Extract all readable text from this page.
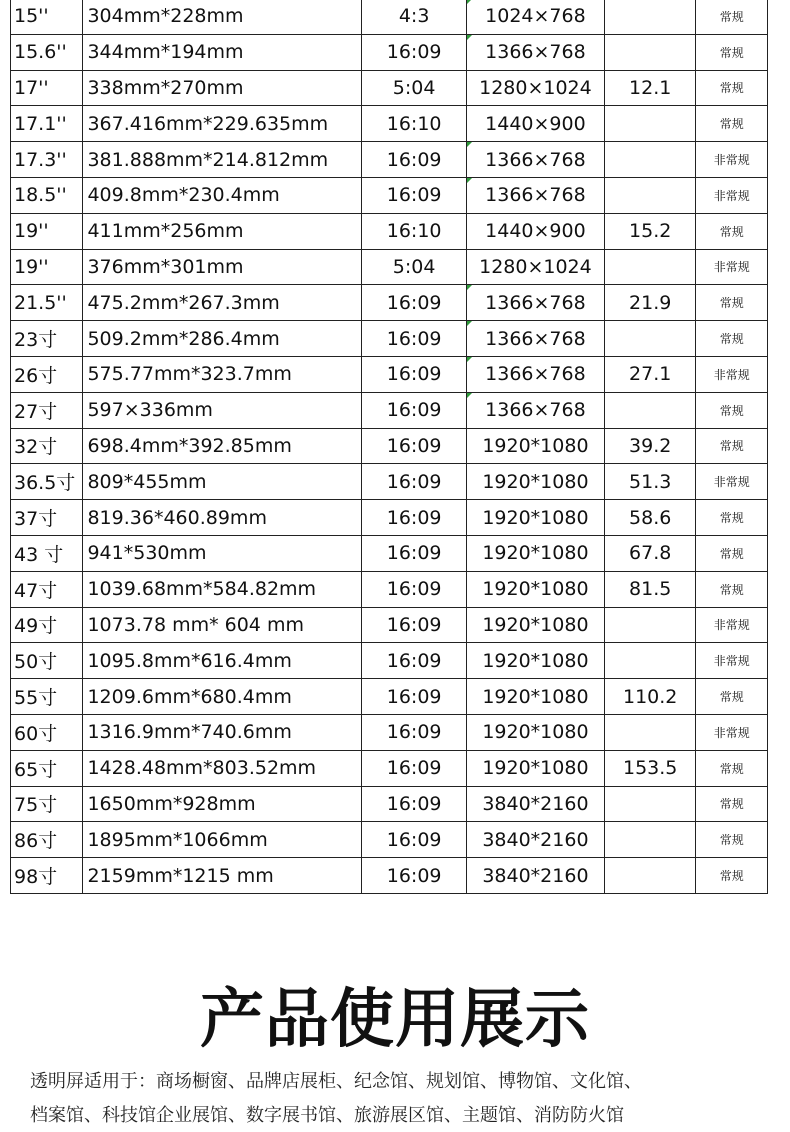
15''	304mm*228mm	4:3	1024×768		常规
15.6''	344mm*194mm	16:09	1366×768		常规
17''	338mm*270mm	5:04	1280×1024	12.1	常规
17.1''	367.416mm*229.635mm	16:10	1440×900		常规
17.3''	381.888mm*214.812mm	16:09	1366×768		非常规
18.5''	409.8mm*230.4mm	16:09	1366×768		非常规
19''	411mm*256mm	16:10	1440×900	15.2	常规
19''	376mm*301mm	5:04	1280×1024		非常规
21.5''	475.2mm*267.3mm	16:09	1366×768	21.9	常规
23寸	509.2mm*286.4mm	16:09	1366×768		常规
26寸	575.77mm*323.7mm	16:09	1366×768	27.1	非常规
27寸	597×336mm	16:09	1366×768		常规
32寸	698.4mm*392.85mm	16:09	1920*1080	39.2	常规
36.5寸	809*455mm	16:09	1920*1080	51.3	非常规
37寸	819.36*460.89mm	16:09	1920*1080	58.6	常规
43 寸	941*530mm	16:09	1920*1080	67.8	常规
47寸	1039.68mm*584.82mm	16:09	1920*1080	81.5	常规
49寸	1073.78 mm* 604 mm	16:09	1920*1080		非常规
50寸	1095.8mm*616.4mm	16:09	1920*1080		非常规
55寸	1209.6mm*680.4mm	16:09	1920*1080	110.2	常规
60寸	1316.9mm*740.6mm	16:09	1920*1080		非常规
65寸	1428.48mm*803.52mm	16:09	1920*1080	153.5	常规
75寸	1650mm*928mm	16:09	3840*2160		常规
86寸	1895mm*1066mm	16:09	3840*2160		常规
98寸	2159mm*1215 mm	16:09	3840*2160		常规
产品使用展示

透明屏适用于：商场橱窗、品牌店展柜、纪念馆、规划馆、博物馆、文化馆、

档案馆、科技馆企业展馆、数字展书馆、旅游展区馆、主题馆、消防防火馆
